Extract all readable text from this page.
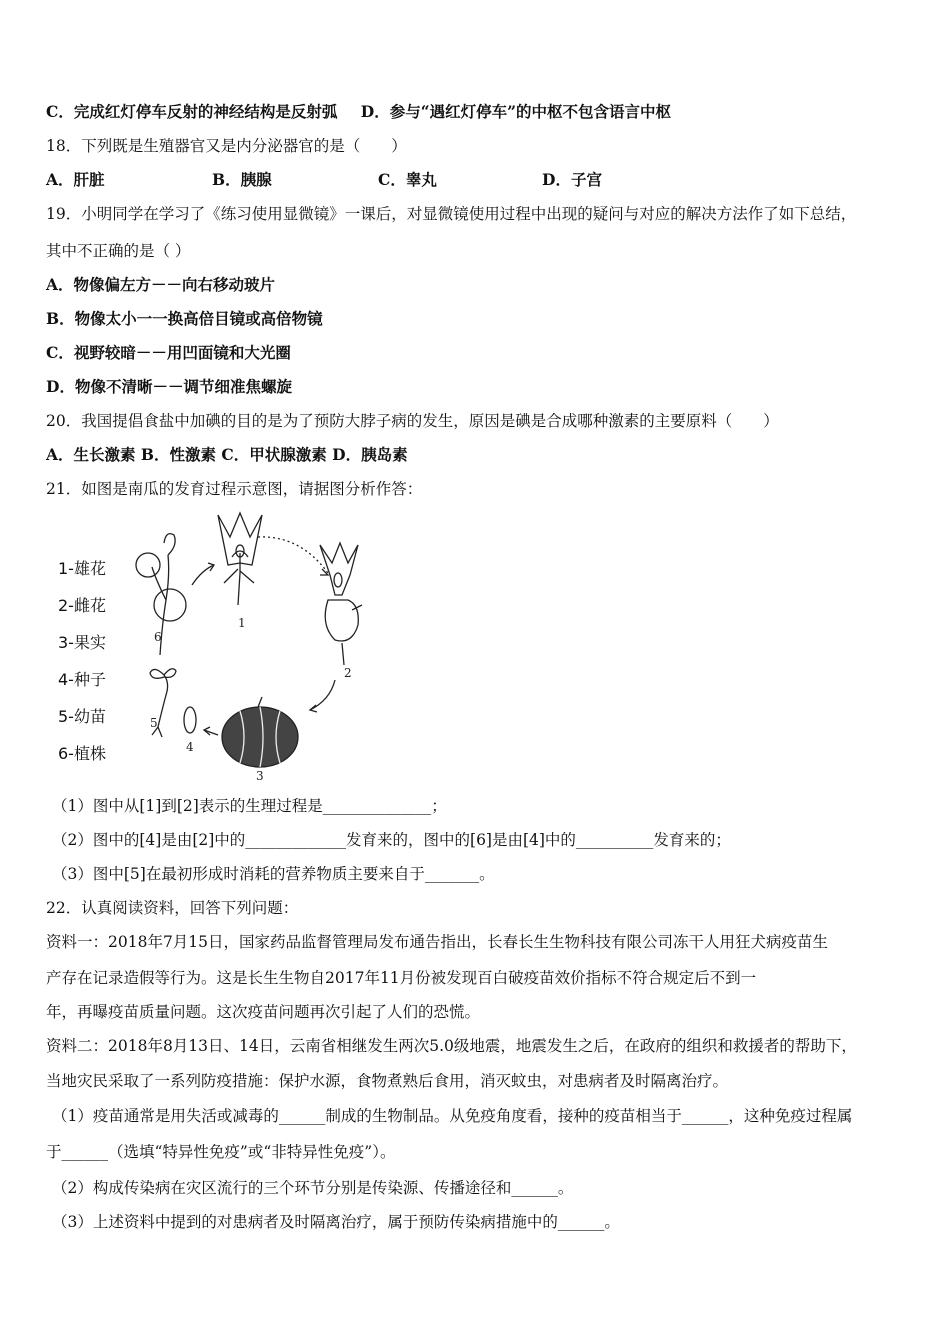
C．完成红灯停车反射的神经结构是反射弧 D．参与“遇红灯停车”的中枢不包含语言中枢
18．下列既是生殖器官又是内分泌器官的是（　　）
A．肝脏	B．胰腺	C．睾丸	D．子宫
19．小明同学在学习了《练习使用显微镜》一课后，对显微镜使用过程中出现的疑问与对应的解决方法作了如下总结，
其中不正确的是（ ）
A．物像偏左方－－向右移动玻片
B．物像太小一一换高倍目镜或高倍物镜
C．视野较暗－－用凹面镜和大光圈
D．物像不清晰－－调节细准焦螺旋
20．我国提倡食盐中加碘的目的是为了预防大脖子病的发生，原因是碘是合成哪种激素的主要原料（　　）
A．生长激素 B．性激素 C．甲状腺激素 D．胰岛素
21．如图是南瓜的发育过程示意图，请据图分析作答：
1-雄花
2-雌花
3-果实
4-种子
5-幼苗
6-植株
1
2
3
4
5
6
（1）图中从[1]到[2]表示的生理过程是______________；
（2）图中的[4]是由[2]中的_____________发育来的，图中的[6]是由[4]中的__________发育来的；
（3）图中[5]在最初形成时消耗的营养物质主要来自于_______。
22．认真阅读资料，回答下列问题：
资料一：2018年7月15日，国家药品监督管理局发布通告指出，长春长生生物科技有限公司冻干人用狂犬病疫苗生
产存在记录造假等行为。这是长生生物自2017年11月份被发现百白破疫苗效价指标不符合规定后不到一
年，再曝疫苗质量问题。这次疫苗问题再次引起了人们的恐慌。
资料二：2018年8月13日、14日，云南省相继发生两次5.0级地震，地震发生之后，在政府的组织和救援者的帮助下，
当地灾民采取了一系列防疫措施：保护水源，食物煮熟后食用，消灭蚊虫，对患病者及时隔离治疗。
（1）疫苗通常是用失活或减毒的______制成的生物制品。从免疫角度看，接种的疫苗相当于______，这种免疫过程属
于______（选填“特异性免疫”或“非特异性免疫”）。
（2）构成传染病在灾区流行的三个环节分别是传染源、传播途径和______。
（3）上述资料中提到的对患病者及时隔离治疗，属于预防传染病措施中的______。
